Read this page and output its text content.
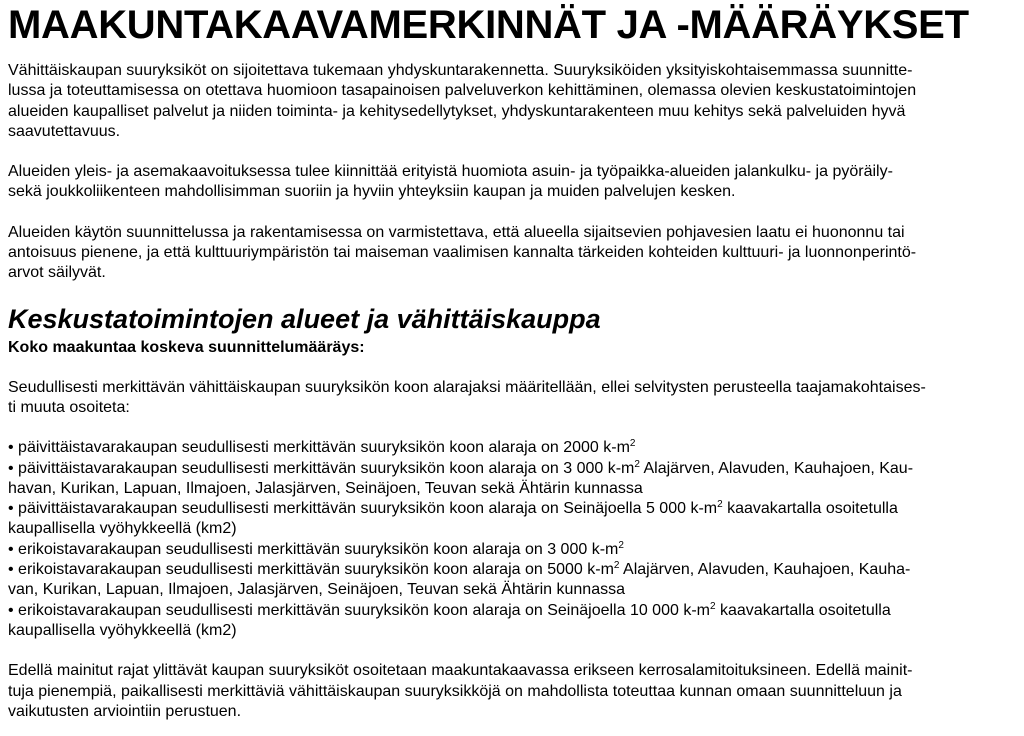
MAAKUNTAKAAVAMERKINNÄT JA -MÄÄRÄYKSET

Vähittäiskaupan suuryksiköt on sijoitettava tukemaan yhdyskuntarakennetta. Suuryksiköiden yksityiskohtaisemmassa suunnitte-
lussa ja toteuttamisessa on otettava huomioon tasapainoisen palveluverkon kehittäminen, olemassa olevien keskustatoimintojen
alueiden kaupalliset palvelut ja niiden toiminta- ja kehitysedellytykset, yhdyskuntarakenteen muu kehitys sekä palveluiden hyvä
saavutettavuus.

Alueiden yleis- ja asemakaavoituksessa tulee kiinnittää erityistä huomiota asuin- ja työpaikka-alueiden jalankulku- ja pyöräily-
sekä joukkoliikenteen mahdollisimman suoriin ja hyviin yhteyksiin kaupan ja muiden palvelujen kesken.

Alueiden käytön suunnittelussa ja rakentamisessa on varmistettava, että alueella sijaitsevien pohjavesien laatu ei huononnu tai
antoisuus pienene, ja että kulttuuriympäristön tai maiseman vaalimisen kannalta tärkeiden kohteiden kulttuuri- ja luonnonperintö-
arvot säilyvät.

Keskustatoimintojen alueet ja vähittäiskauppa
Koko maakuntaa koskeva suunnittelumääräys:

Seudullisesti merkittävän vähittäiskaupan suuryksikön koon alarajaksi määritellään, ellei selvitysten perusteella taajamakohtaises-
ti muuta osoiteta:

• päivittäistavarakaupan seudullisesti merkittävän suuryksikön koon alaraja on 2000 $k-m^2$
• päivittäistavarakaupan seudullisesti merkittävän suuryksikön koon alaraja on 3 000 $k-m^2$ Alajärven, Alavuden, Kauhajoen, Kau-
havan, Kurikan, Lapuan, Ilmajoen, Jalasjärven, Seinäjoen, Teuvan sekä Ähtärin kunnassa
• päivittäistavarakaupan seudullisesti merkittävän suuryksikön koon alaraja on Seinäjoella 5 000 $k-m^2$ kaavakartalla osoitetulla
kaupallisella vyöhykkeellä (km2)
• erikoistavarakaupan seudullisesti merkittävän suuryksikön koon alaraja on 3 000 $k-m^2$
• erikoistavarakaupan seudullisesti merkittävän suuryksikön koon alaraja on 5000 $k-m^2$ Alajärven, Alavuden, Kauhajoen, Kauha-
van, Kurikan, Lapuan, Ilmajoen, Jalasjärven, Seinäjoen, Teuvan sekä Ähtärin kunnassa
• erikoistavarakaupan seudullisesti merkittävän suuryksikön koon alaraja on Seinäjoella 10 000 $k-m^2$ kaavakartalla osoitetulla
kaupallisella vyöhykkeellä (km2)

Edellä mainitut rajat ylittävät kaupan suuryksiköt osoitetaan maakuntakaavassa erikseen kerrosalamitoituksineen. Edellä mainit-
tuja pienempiä, paikallisesti merkittäviä vähittäiskaupan suuryksikköjä on mahdollista toteuttaa kunnan omaan suunnitteluun ja
vaikutusten arviointiin perustuen.
